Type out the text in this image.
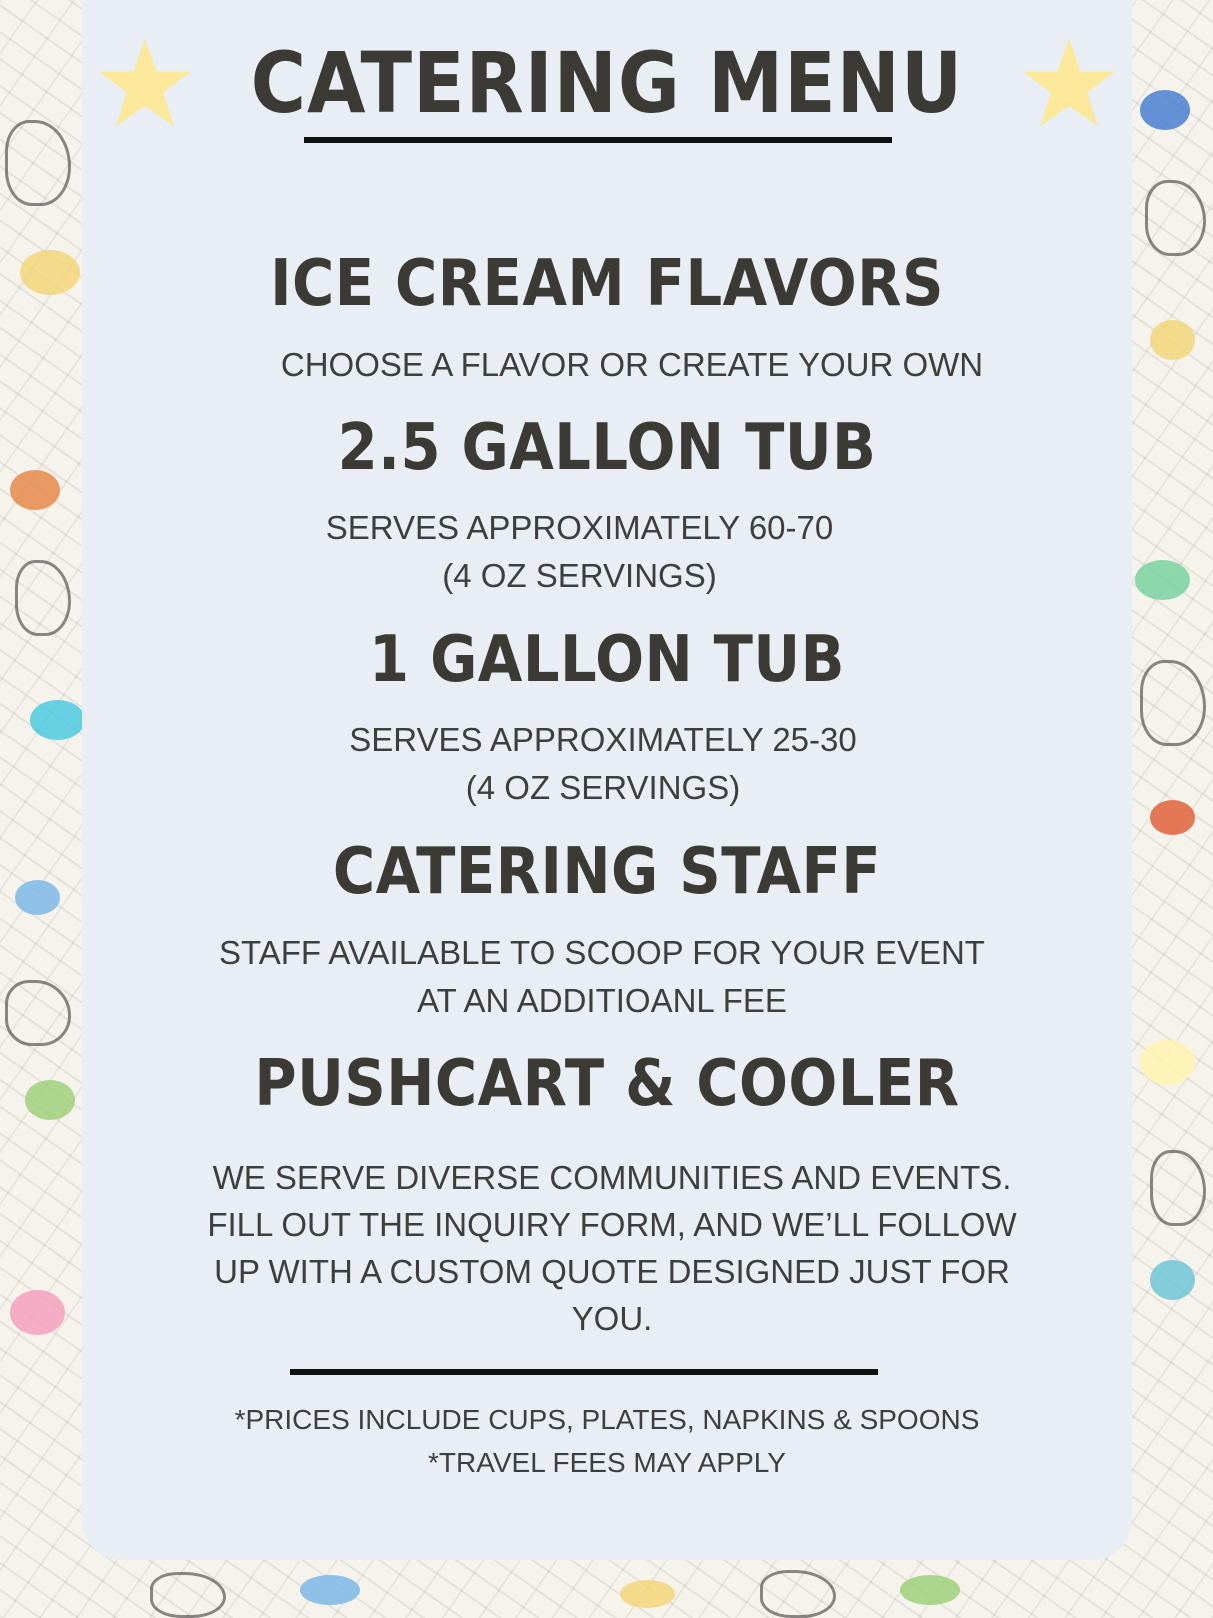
CATERING MENU
ICE CREAM FLAVORS
CHOOSE A FLAVOR OR CREATE YOUR OWN
2.5 GALLON TUB
SERVES APPROXIMATELY 60-70
(4 OZ SERVINGS)
1 GALLON TUB
SERVES APPROXIMATELY 25-30
(4 OZ SERVINGS)
CATERING STAFF
STAFF AVAILABLE TO SCOOP FOR YOUR EVENT
AT AN ADDITIOANL FEE
PUSHCART & COOLER
WE SERVE DIVERSE COMMUNITIES AND EVENTS.
FILL OUT THE INQUIRY FORM, AND WE’LL FOLLOW
UP WITH A CUSTOM QUOTE DESIGNED JUST FOR
YOU.
*PRICES INCLUDE CUPS, PLATES, NAPKINS & SPOONS
*TRAVEL FEES MAY APPLY
